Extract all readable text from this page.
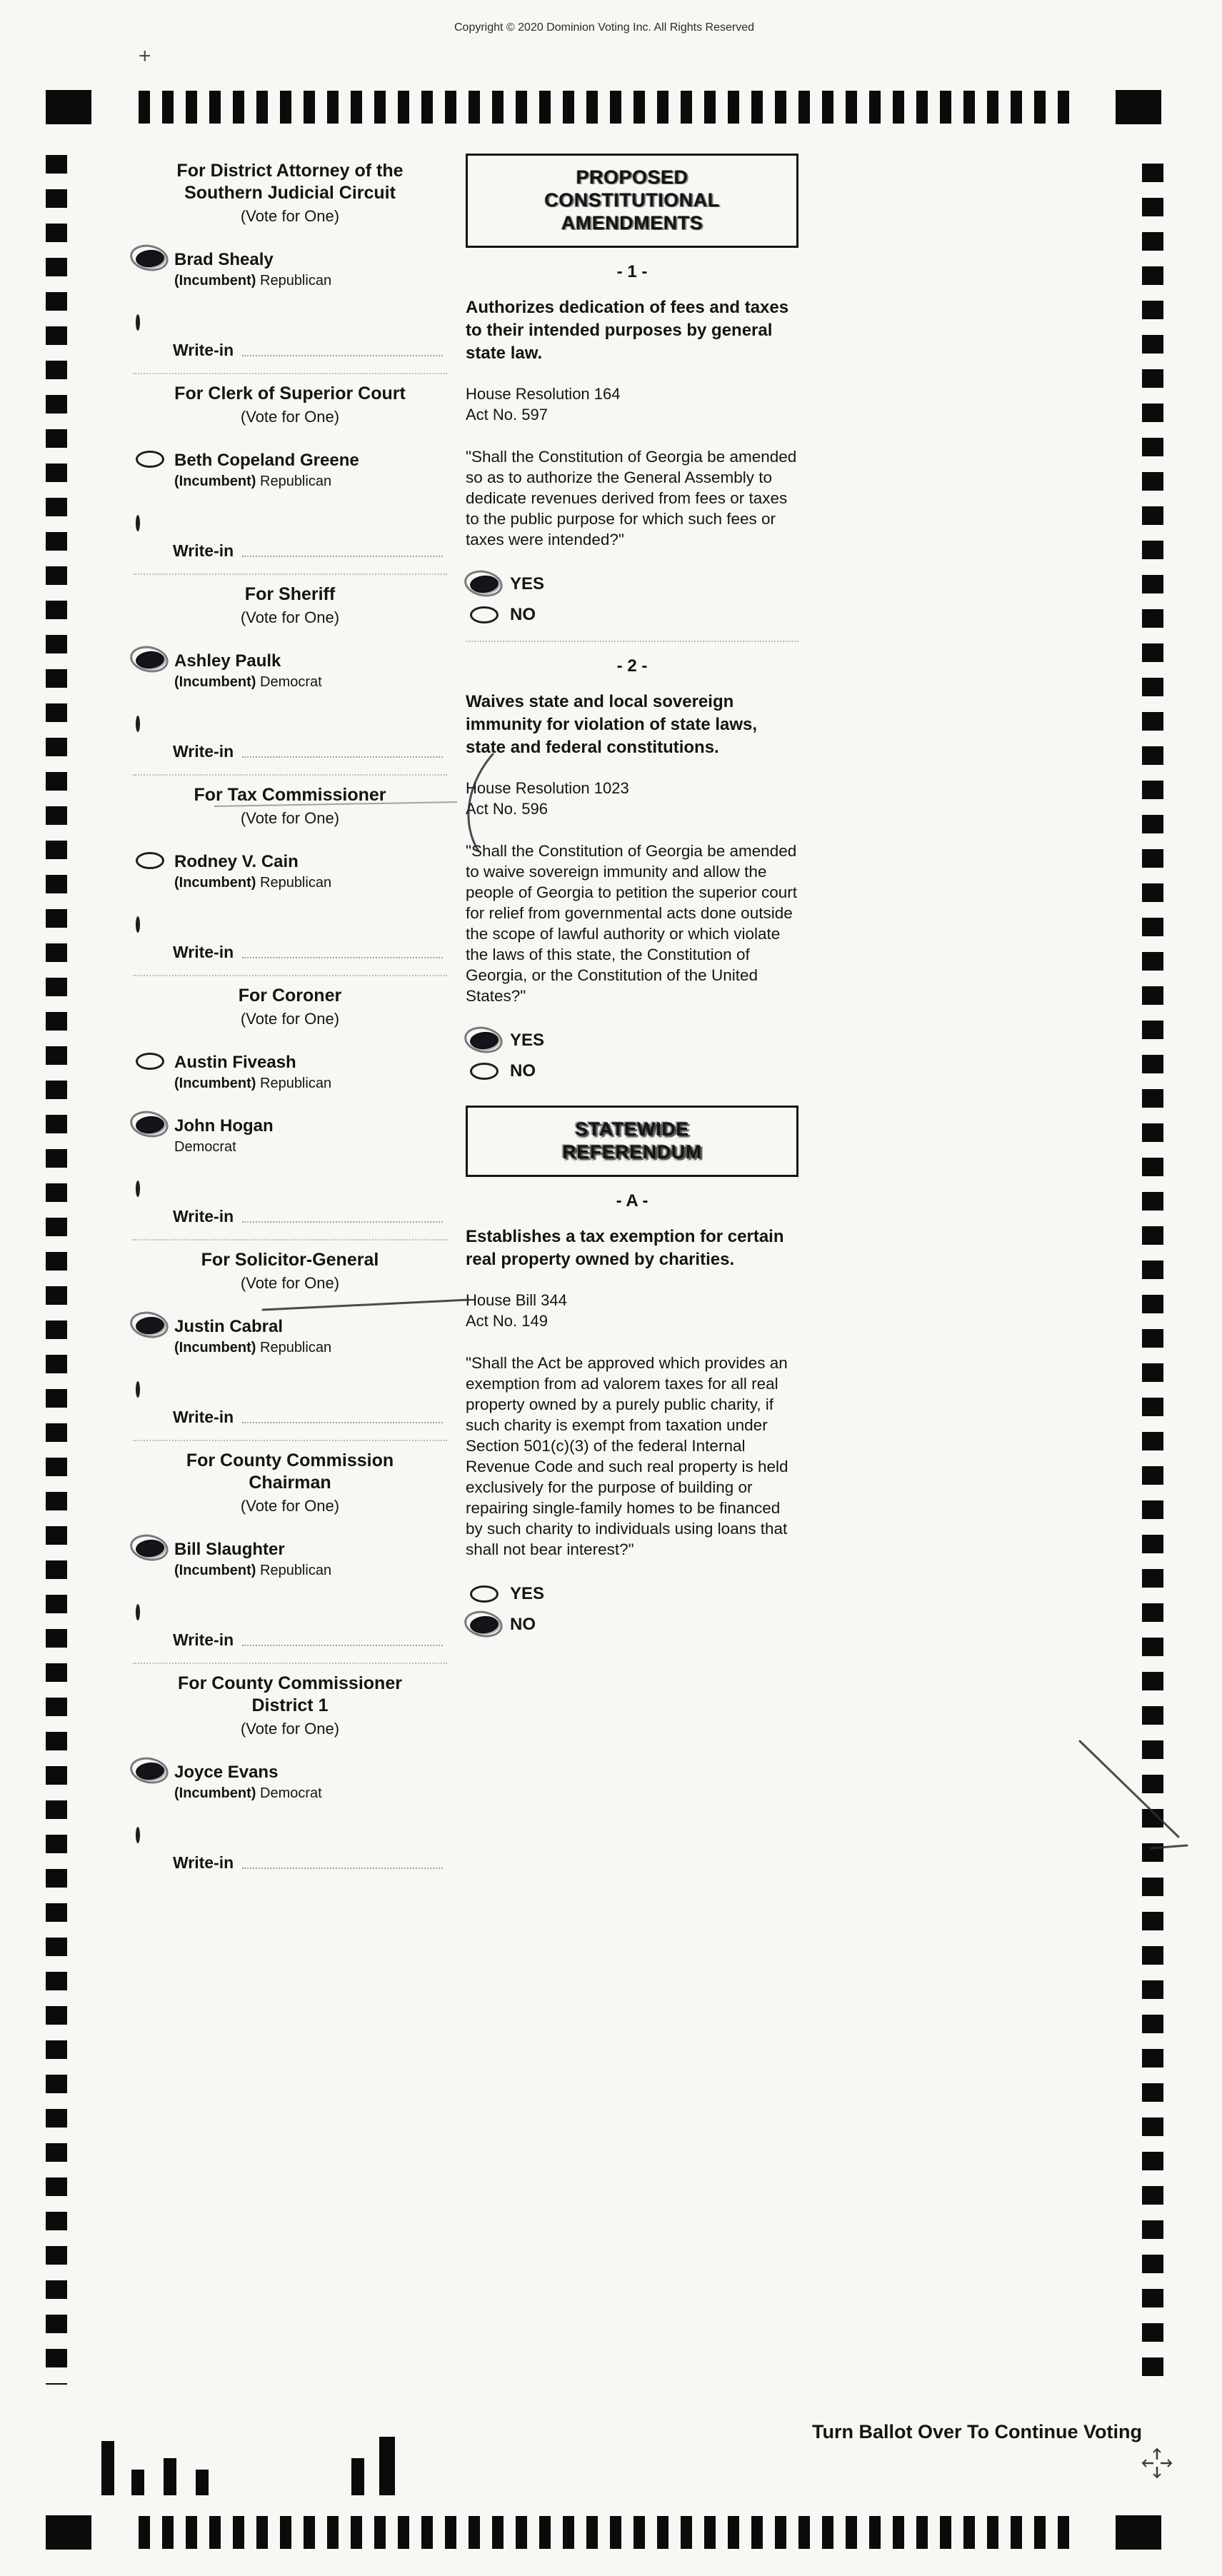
Copyright © 2020 Dominion Voting Inc. All Rights Reserved
+
For District Attorney of the
Southern Judicial Circuit
(Vote for One)
Brad Shealy
(Incumbent) Republican
Write-in
For Clerk of Superior Court
(Vote for One)
Beth Copeland Greene
(Incumbent) Republican
Write-in
For Sheriff
(Vote for One)
Ashley Paulk
(Incumbent) Democrat
Write-in
For Tax Commissioner
(Vote for One)
Rodney V. Cain
(Incumbent) Republican
Write-in
For Coroner
(Vote for One)
Austin Fiveash
(Incumbent) Republican
John Hogan
Democrat
Write-in
For Solicitor-General
(Vote for One)
Justin Cabral
(Incumbent) Republican
Write-in
For County Commission
Chairman
(Vote for One)
Bill Slaughter
(Incumbent) Republican
Write-in
For County Commissioner
District 1
(Vote for One)
Joyce Evans
(Incumbent) Democrat
Write-in
PROPOSED
CONSTITUTIONAL
AMENDMENTS
- 1 -
Authorizes dedication of fees and taxes to their intended purposes by general state law.
House Resolution 164
Act No. 597
"Shall the Constitution of Georgia be amended so as to authorize the General Assembly to dedicate revenues derived from fees or taxes to the public purpose for which such fees or taxes were intended?"
YES
NO
- 2 -
Waives state and local sovereign immunity for violation of state laws, state and federal constitutions.
House Resolution 1023
Act No. 596
"Shall the Constitution of Georgia be amended to waive sovereign immunity and allow the people of Georgia to petition the superior court for relief from governmental acts done outside the scope of lawful authority or which violate the laws of this state, the Constitution of Georgia, or the Constitution of the United States?"
YES
NO
STATEWIDE
REFERENDUM
- A -
Establishes a tax exemption for certain real property owned by charities.
House Bill 344
Act No. 149
"Shall the Act be approved which provides an exemption from ad valorem taxes for all real property owned by a purely public charity, if such charity is exempt from taxation under Section 501(c)(3) of the federal Internal Revenue Code and such real property is held exclusively for the purpose of building or repairing single-family homes to be financed by such charity to individuals using loans that shall not bear interest?"
YES
NO
Turn Ballot Over To Continue Voting
